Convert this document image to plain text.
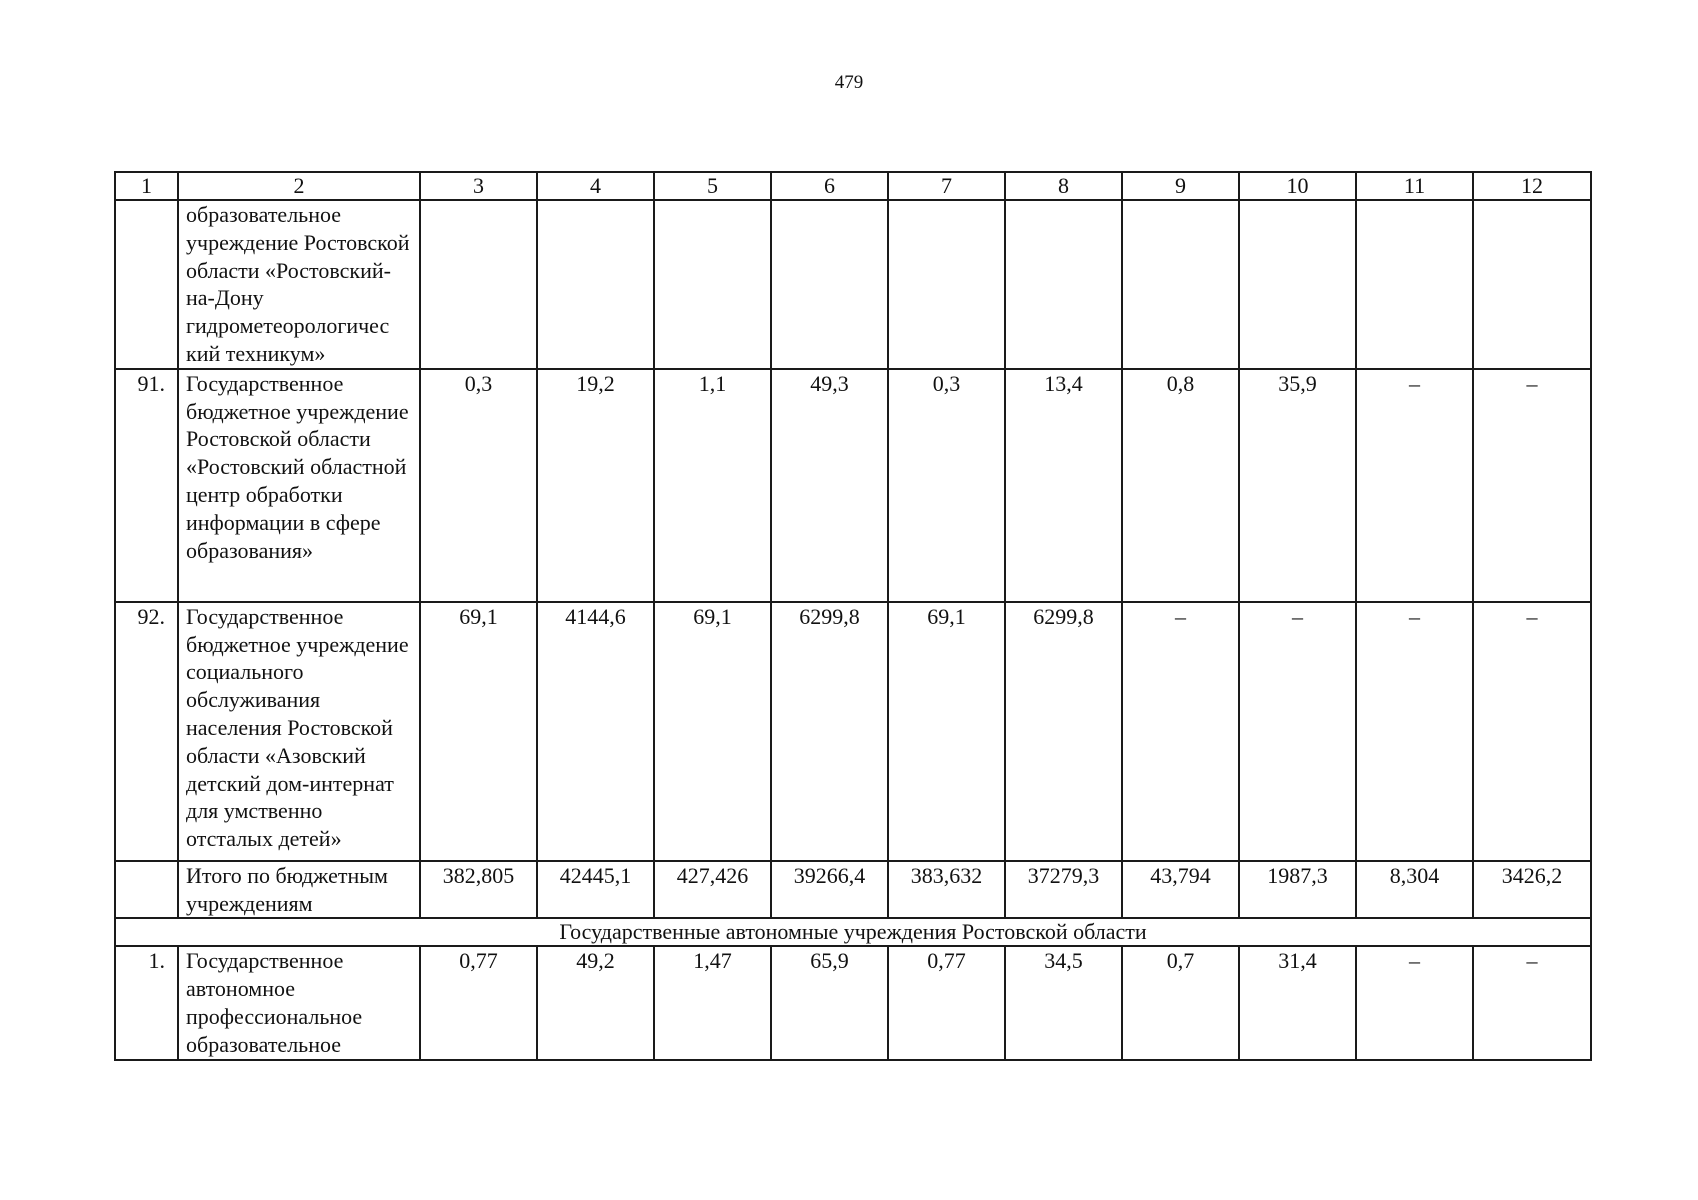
479
1	2	3	4	5	6	7	8	9	10	11	12
	образовательное учреждение Ростовской области «Ростовский-на-Дону гидрометеорологичес кий техникум»										
91.	Государственное бюджетное учреждение Ростовской области «Ростовский областной центр обработки информации в сфере образования»	0,3	19,2	1,1	49,3	0,3	13,4	0,8	35,9	–	–
92.	Государственное бюджетное учреждение социального обслуживания населения Ростовской области «Азовский детский дом-интернат для умственно отсталых детей»	69,1	4144,6	69,1	6299,8	69,1	6299,8	–	–	–	–
	Итого по бюджетным учреждениям	382,805	42445,1	427,426	39266,4	383,632	37279,3	43,794	1987,3	8,304	3426,2
Государственные автономные учреждения Ростовской области											
1.	Государственное автономное профессиональное образовательное	0,77	49,2	1,47	65,9	0,77	34,5	0,7	31,4	–	–
